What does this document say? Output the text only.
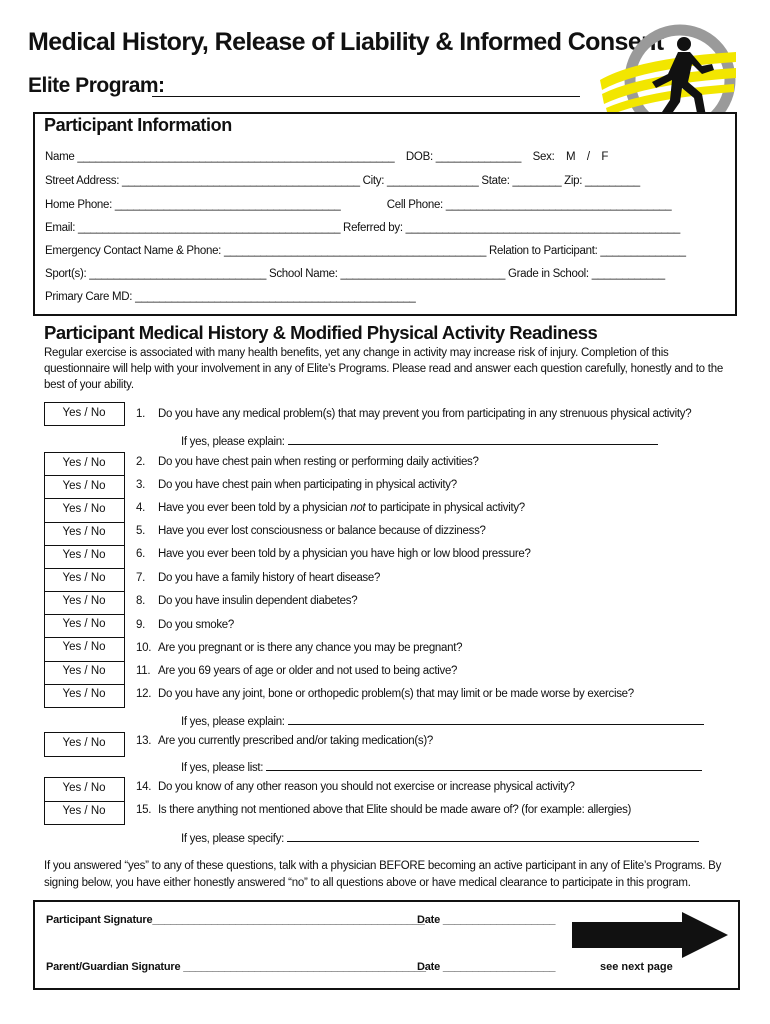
Medical History, Release of Liability & Informed Consent
Elite Program:
Participant Information
Name ____________________________________________________    DOB: ______________    Sex:    M    /    F
Street Address: _______________________________________ City: _______________ State: ________ Zip: _________
Home Phone: _____________________________________                Cell Phone: _____________________________________
Email: ___________________________________________ Referred by: _____________________________________________
Emergency Contact Name & Phone: ___________________________________________ Relation to Participant: ______________
Sport(s): _____________________________ School Name: ___________________________ Grade in School: ____________
Primary Care MD: ______________________________________________
Participant Medical History & Modified Physical Activity Readiness
Regular exercise is associated with many health benefits, yet any change in activity may increase risk of injury. Completion of this questionnaire will help with your involvement in any of Elite’s Programs. Please read and answer each question carefully, honestly and to the best of your ability.
Yes / No
Yes / No
Yes / No
Yes / No
Yes / No
Yes / No
Yes / No
Yes / No
Yes / No
Yes / No
Yes / No
Yes / No
Yes / No
Yes / No
Yes / No
1. Do you have any medical problem(s) that may prevent you from participating in any strenuous physical activity?
If yes, please explain:
2. Do you have chest pain when resting or performing daily activities?
3. Do you have chest pain when participating in physical activity?
4. Have you ever been told by a physician not to participate in physical activity?
5. Have you ever lost consciousness or balance because of dizziness?
6. Have you ever been told by a physician you have high or low blood pressure?
7. Do you have a family history of heart disease?
8. Do you have insulin dependent diabetes?
9. Do you smoke?
10. Are you pregnant or is there any chance you may be pregnant?
11. Are you 69 years of age or older and not used to being active?
12. Do you have any joint, bone or orthopedic problem(s) that may limit or be made worse by exercise?
If yes, please explain:
13. Are you currently prescribed and/or taking medication(s)?
If yes, please list:
14. Do you know of any other reason you should not exercise or increase physical activity?
15. Is there anything not mentioned above that Elite should be made aware of? (for example: allergies)
If yes, please specify:
If you answered “yes” to any of these questions, talk with a physician BEFORE becoming an active participant in any of Elite’s Programs. By signing below, you have either honestly answered “no” to all questions above or have medical clearance to participate in this program.
Participant Signature______________________________________________
Date ___________________
Parent/Guardian Signature _________________________________________
Date ___________________	see next page
